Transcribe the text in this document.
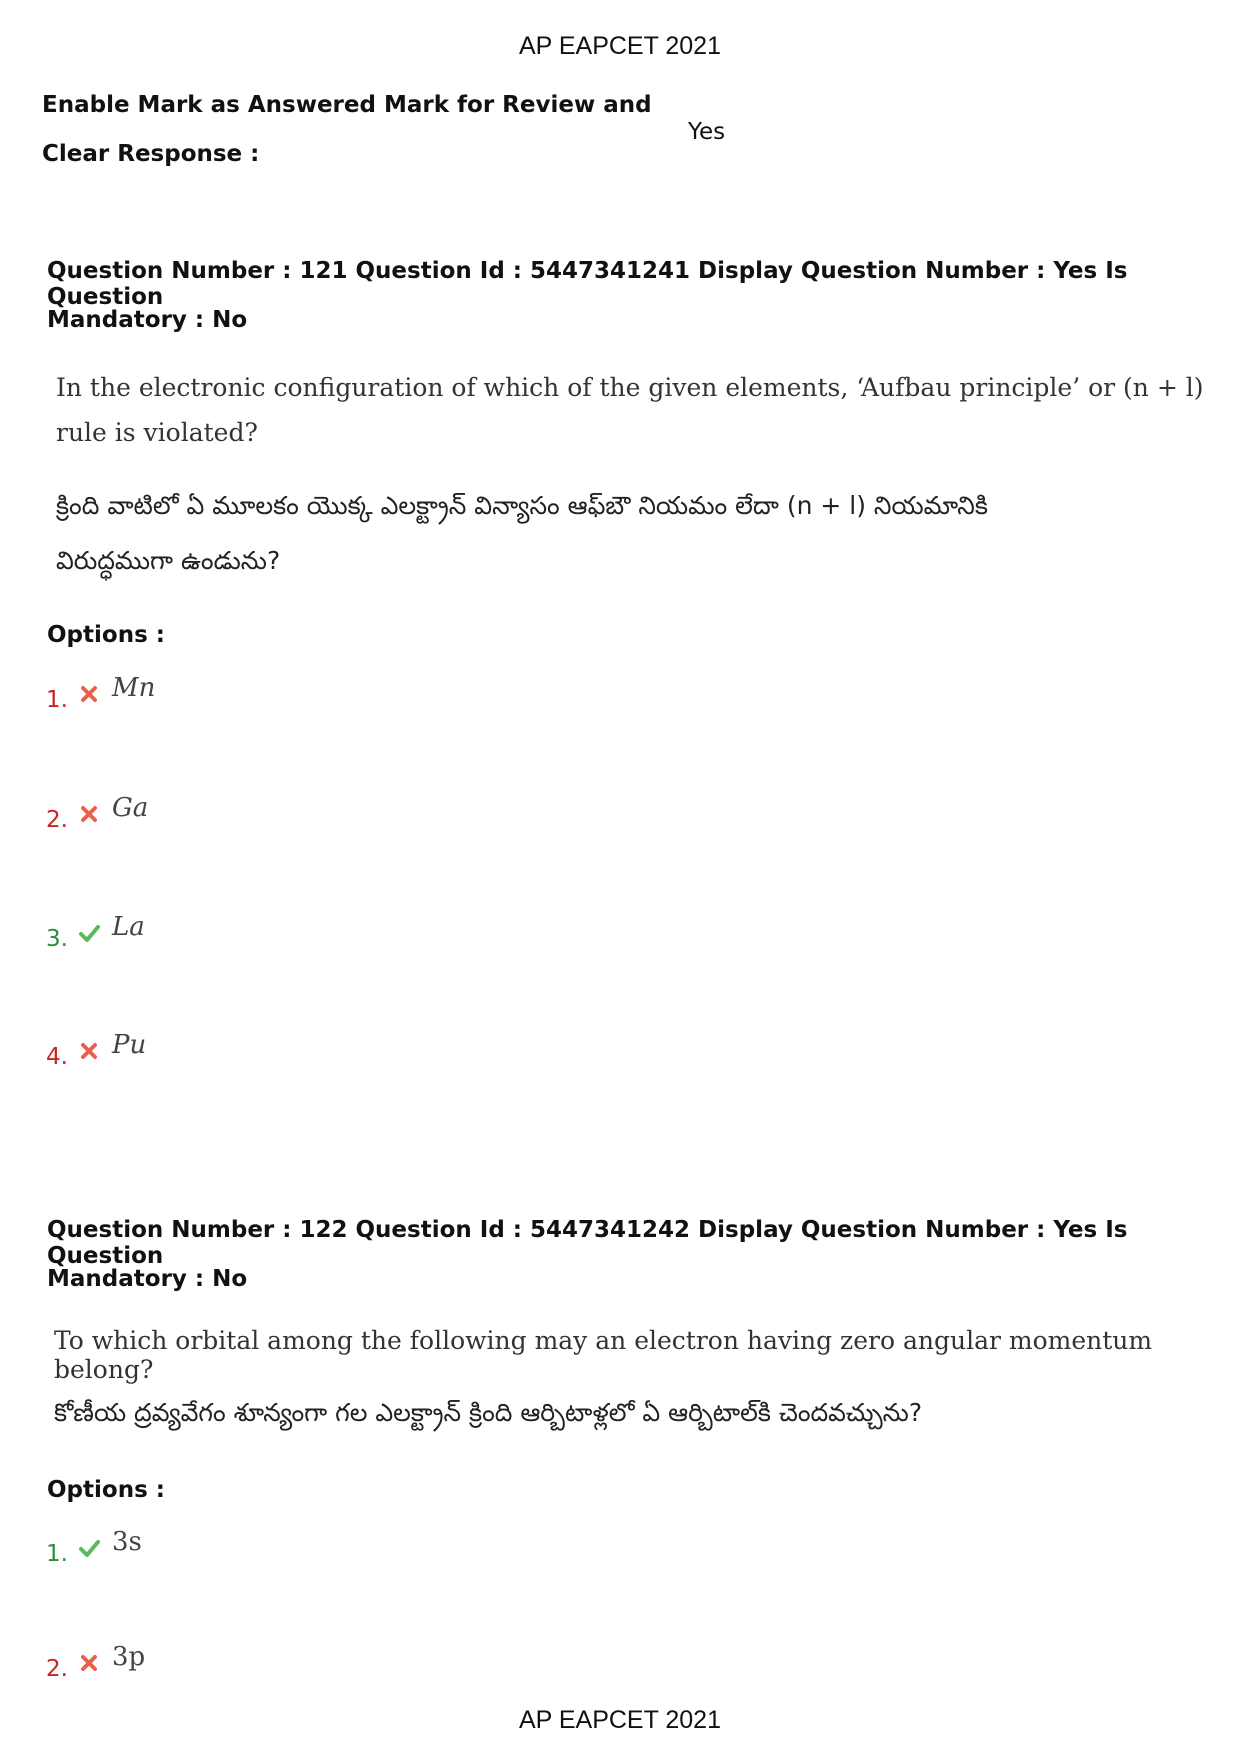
AP EAPCET 2021
Enable Mark as Answered Mark for Review and
Clear Response :
Yes
Question Number : 121 Question Id : 5447341241 Display Question Number : Yes Is Question
Mandatory : No
In the electronic configuration of which of the given elements, ‘Aufbau principle’ or (n + l)
rule is violated?
క్రింది వాటిలో ఏ మూలకం యొక్క ఎలక్ట్రాన్ విన్యాసం ఆఫ్‌బౌ నియమం లేదా (n + l) నియమానికి
విరుద్ధముగా ఉండును?
Options :
1. Mn
2. Ga
3. La
4. Pu
Question Number : 122 Question Id : 5447341242 Display Question Number : Yes Is Question
Mandatory : No
To which orbital among the following may an electron having zero angular momentum belong?
కోణీయ ద్రవ్యవేగం శూన్యంగా గల ఎలక్ట్రాన్ క్రింది ఆర్బిటాళ్లలో ఏ ఆర్బిటాల్‌కి చెందవచ్చును?
Options :
1. 3s
2. 3p
AP EAPCET 2021
